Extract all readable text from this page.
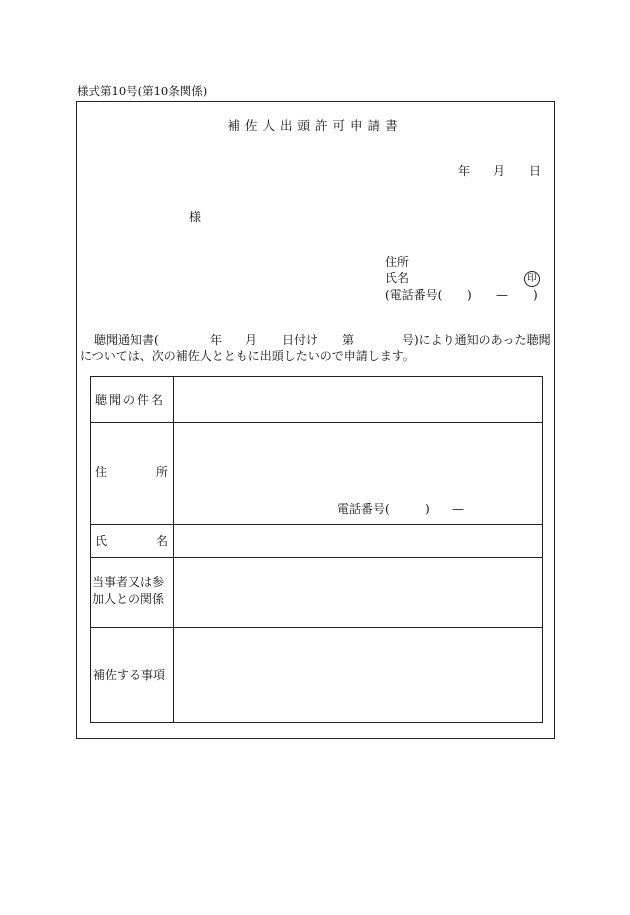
様式第10号(第10条関係)
補佐人出頭許可申請書
年 月 日
様
住所
氏名	印
(電話番号( ) — )
聴聞通知書(	年 月 日付け 第	号)により通知のあった聴聞
については、次の補佐人とともに出頭したいので申請します。
聴聞の件名
住	所
電話番号(	) —
氏	名
当事者又は参
加人との関係
補佐する事項
